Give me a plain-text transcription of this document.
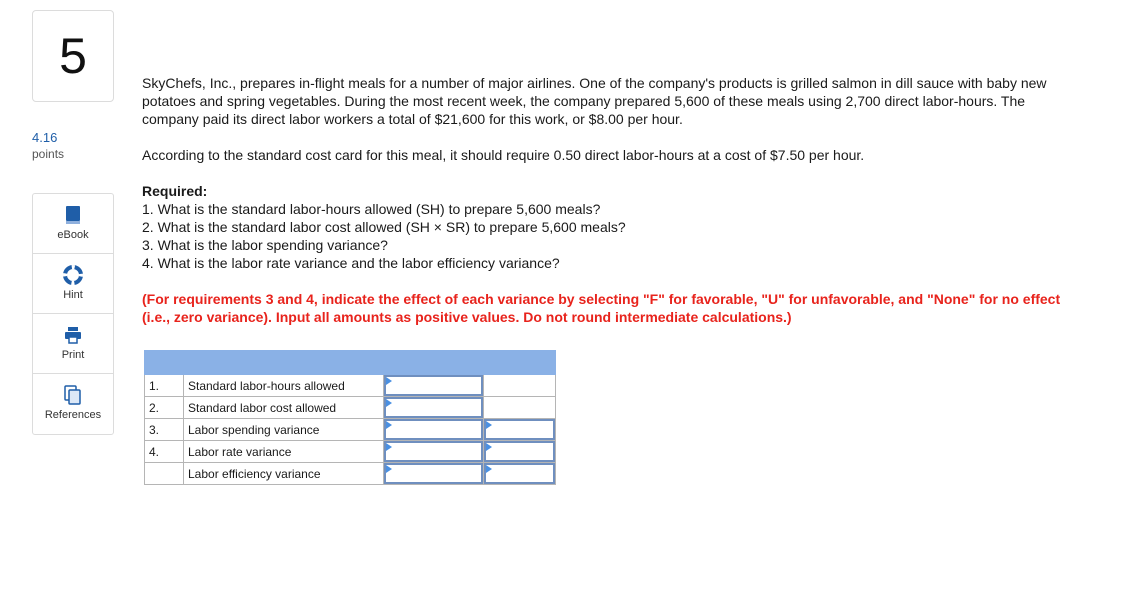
5
4.16
points
eBook
Hint
Print
References

SkyChefs, Inc., prepares in-flight meals for a number of major airlines. One of the company's products is grilled salmon in dill sauce with baby new potatoes and spring vegetables. During the most recent week, the company prepared 5,600 of these meals using 2,700 direct labor-hours. The company paid its direct labor workers a total of $21,600 for this work, or $8.00 per hour.

According to the standard cost card for this meal, it should require 0.50 direct labor-hours at a cost of $7.50 per hour.

Required:
1. What is the standard labor-hours allowed (SH) to prepare 5,600 meals?
2. What is the standard labor cost allowed (SH × SR) to prepare 5,600 meals?
3. What is the labor spending variance?
4. What is the labor rate variance and the labor efficiency variance?
(For requirements 3 and 4, indicate the effect of each variance by selecting "F" for favorable, "U" for unfavorable, and "None" for no effect (i.e., zero variance). Input all amounts as positive values. Do not round intermediate calculations.)

1.	Standard labor-hours allowed	

2.	Standard labor cost allowed	

3.	Labor spending variance	

4.	Labor rate variance	

	Labor efficiency variance	
